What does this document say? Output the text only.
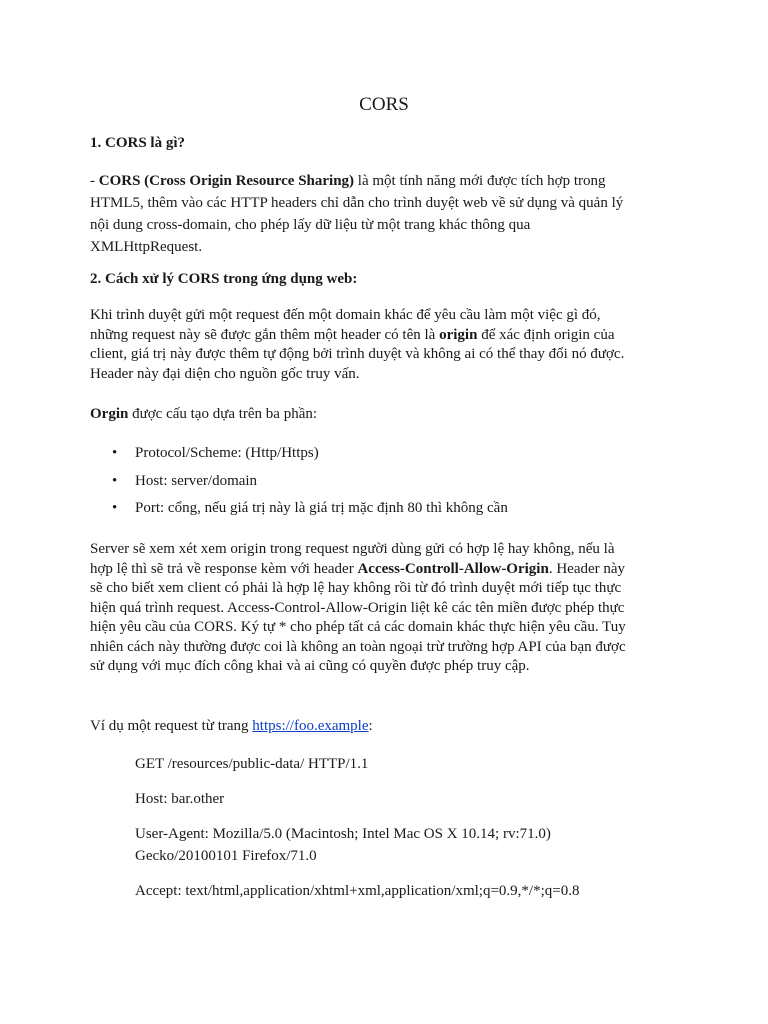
CORS
1. CORS là gì?
- CORS (Cross Origin Resource Sharing) là một tính năng mới được tích hợp trong
HTML5, thêm vào các HTTP headers chỉ dẫn cho trình duyệt web về sử dụng và quản lý
nội dung cross-domain, cho phép lấy dữ liệu từ một trang khác thông qua
XMLHttpRequest.
2. Cách xử lý CORS trong ứng dụng web:
Khi trình duyệt gửi một request đến một domain khác để yêu cầu làm một việc gì đó,
những request này sẽ được gắn thêm một header có tên là origin để xác định origin của
client, giá trị này được thêm tự động bởi trình duyệt và không ai có thể thay đổi nó được.
Header này đại diện cho nguồn gốc truy vấn.
Orgin được cấu tạo dựa trên ba phần:
• Protocol/Scheme: (Http/Https)
• Host: server/domain
• Port: cổng, nếu giá trị này là giá trị mặc định 80 thì không cần
Server sẽ xem xét xem origin trong request người dùng gửi có hợp lệ hay không, nếu là
hợp lệ thì sẽ trả về response kèm với header Access-Controll-Allow-Origin. Header này
sẽ cho biết xem client có phải là hợp lệ hay không rồi từ đó trình duyệt mới tiếp tục thực
hiện quá trình request. Access-Control-Allow-Origin liệt kê các tên miền được phép thực
hiện yêu cầu của CORS. Ký tự * cho phép tất cả các domain khác thực hiện yêu cầu. Tuy
nhiên cách này thường được coi là không an toàn ngoại trừ trường hợp API của bạn được
sử dụng với mục đích công khai và ai cũng có quyền được phép truy cập.
Ví dụ một request từ trang https://foo.example:
GET /resources/public-data/ HTTP/1.1
Host: bar.other
User-Agent: Mozilla/5.0 (Macintosh; Intel Mac OS X 10.14; rv:71.0)
Gecko/20100101 Firefox/71.0
Accept: text/html,application/xhtml+xml,application/xml;q=0.9,*/*;q=0.8
